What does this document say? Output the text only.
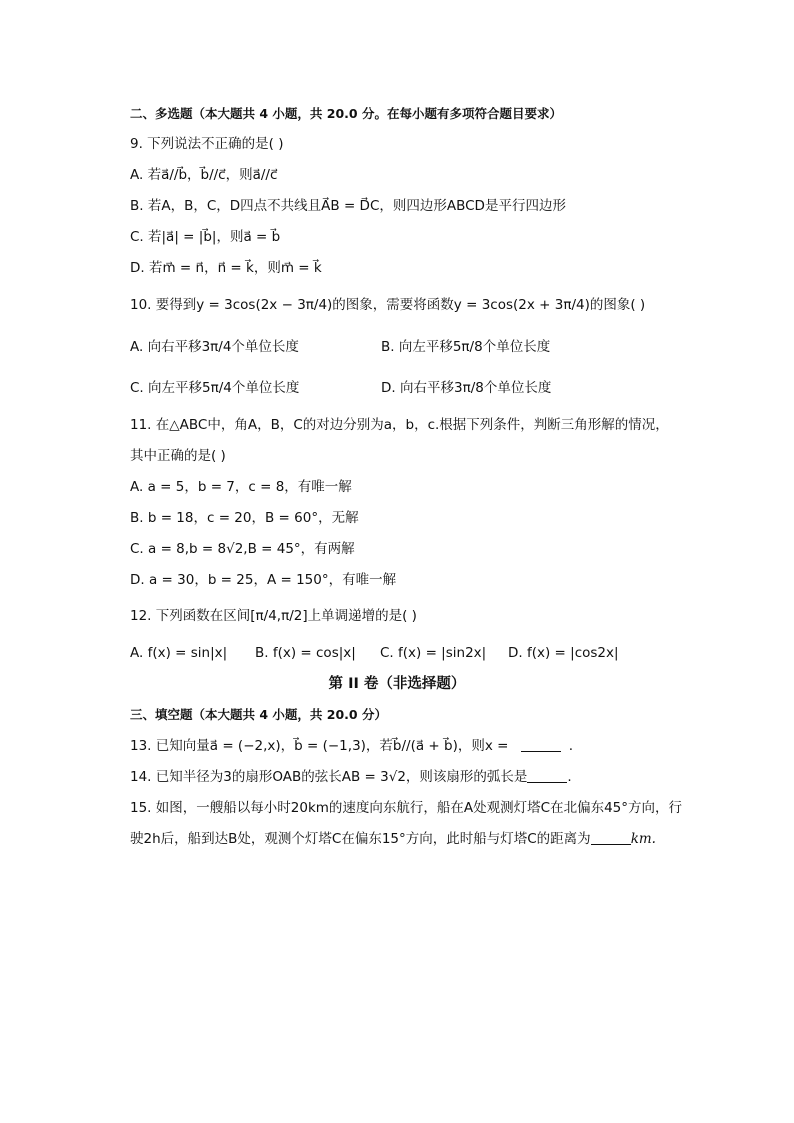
二、多选题（本大题共 4 小题，共 20.0 分。在每小题有多项符合题目要求）
9. 下列说法不正确的是( )
A. 若a⃗//b⃗，b⃗//c⃗，则a⃗//c⃗
B. 若A，B，C，D四点不共线且A⃗B = D⃗C，则四边形ABCD是平行四边形
C. 若|a⃗| = |b⃗|，则a⃗ = b⃗
D. 若m⃗ = n⃗，n⃗ = k⃗，则m⃗ = k⃗
10. 要得到y = 3cos(2x − 3π/4)的图象，需要将函数y = 3cos(2x + 3π/4)的图象( )
A. 向右平移3π/4个单位长度	B. 向左平移5π/8个单位长度
C. 向左平移5π/4个单位长度	D. 向右平移3π/8个单位长度
11. 在△ABC中，角A，B，C的对边分别为a，b，c.根据下列条件，判断三角形解的情况，
其中正确的是( )
A. a = 5，b = 7，c = 8，有唯一解
B. b = 18，c = 20，B = 60°，无解
C. a = 8,b = 8√2,B = 45°，有两解
D. a = 30，b = 25，A = 150°，有唯一解
12. 下列函数在区间[π/4,π/2]上单调递增的是( )
A. f(x) = sin|x| B. f(x) = cos|x| C. f(x) = |sin2x| D. f(x) = |cos2x|
第 II 卷（非选择题）
三、填空题（本大题共 4 小题，共 20.0 分）
13. 已知向量a⃗ = (−2,x)，b⃗ = (−1,3)，若b⃗//(a⃗ + b⃗)，则x =	.
14. 已知半径为3的扇形OAB的弦长AB = 3√2，则该扇形的弧长是	.
15. 如图，一艘船以每小时20km的速度向东航行，船在A处观测灯塔C在北偏东45°方向，行
驶2h后，船到达B处，观测个灯塔C在偏东15°方向，此时船与灯塔C的距离为	km.
